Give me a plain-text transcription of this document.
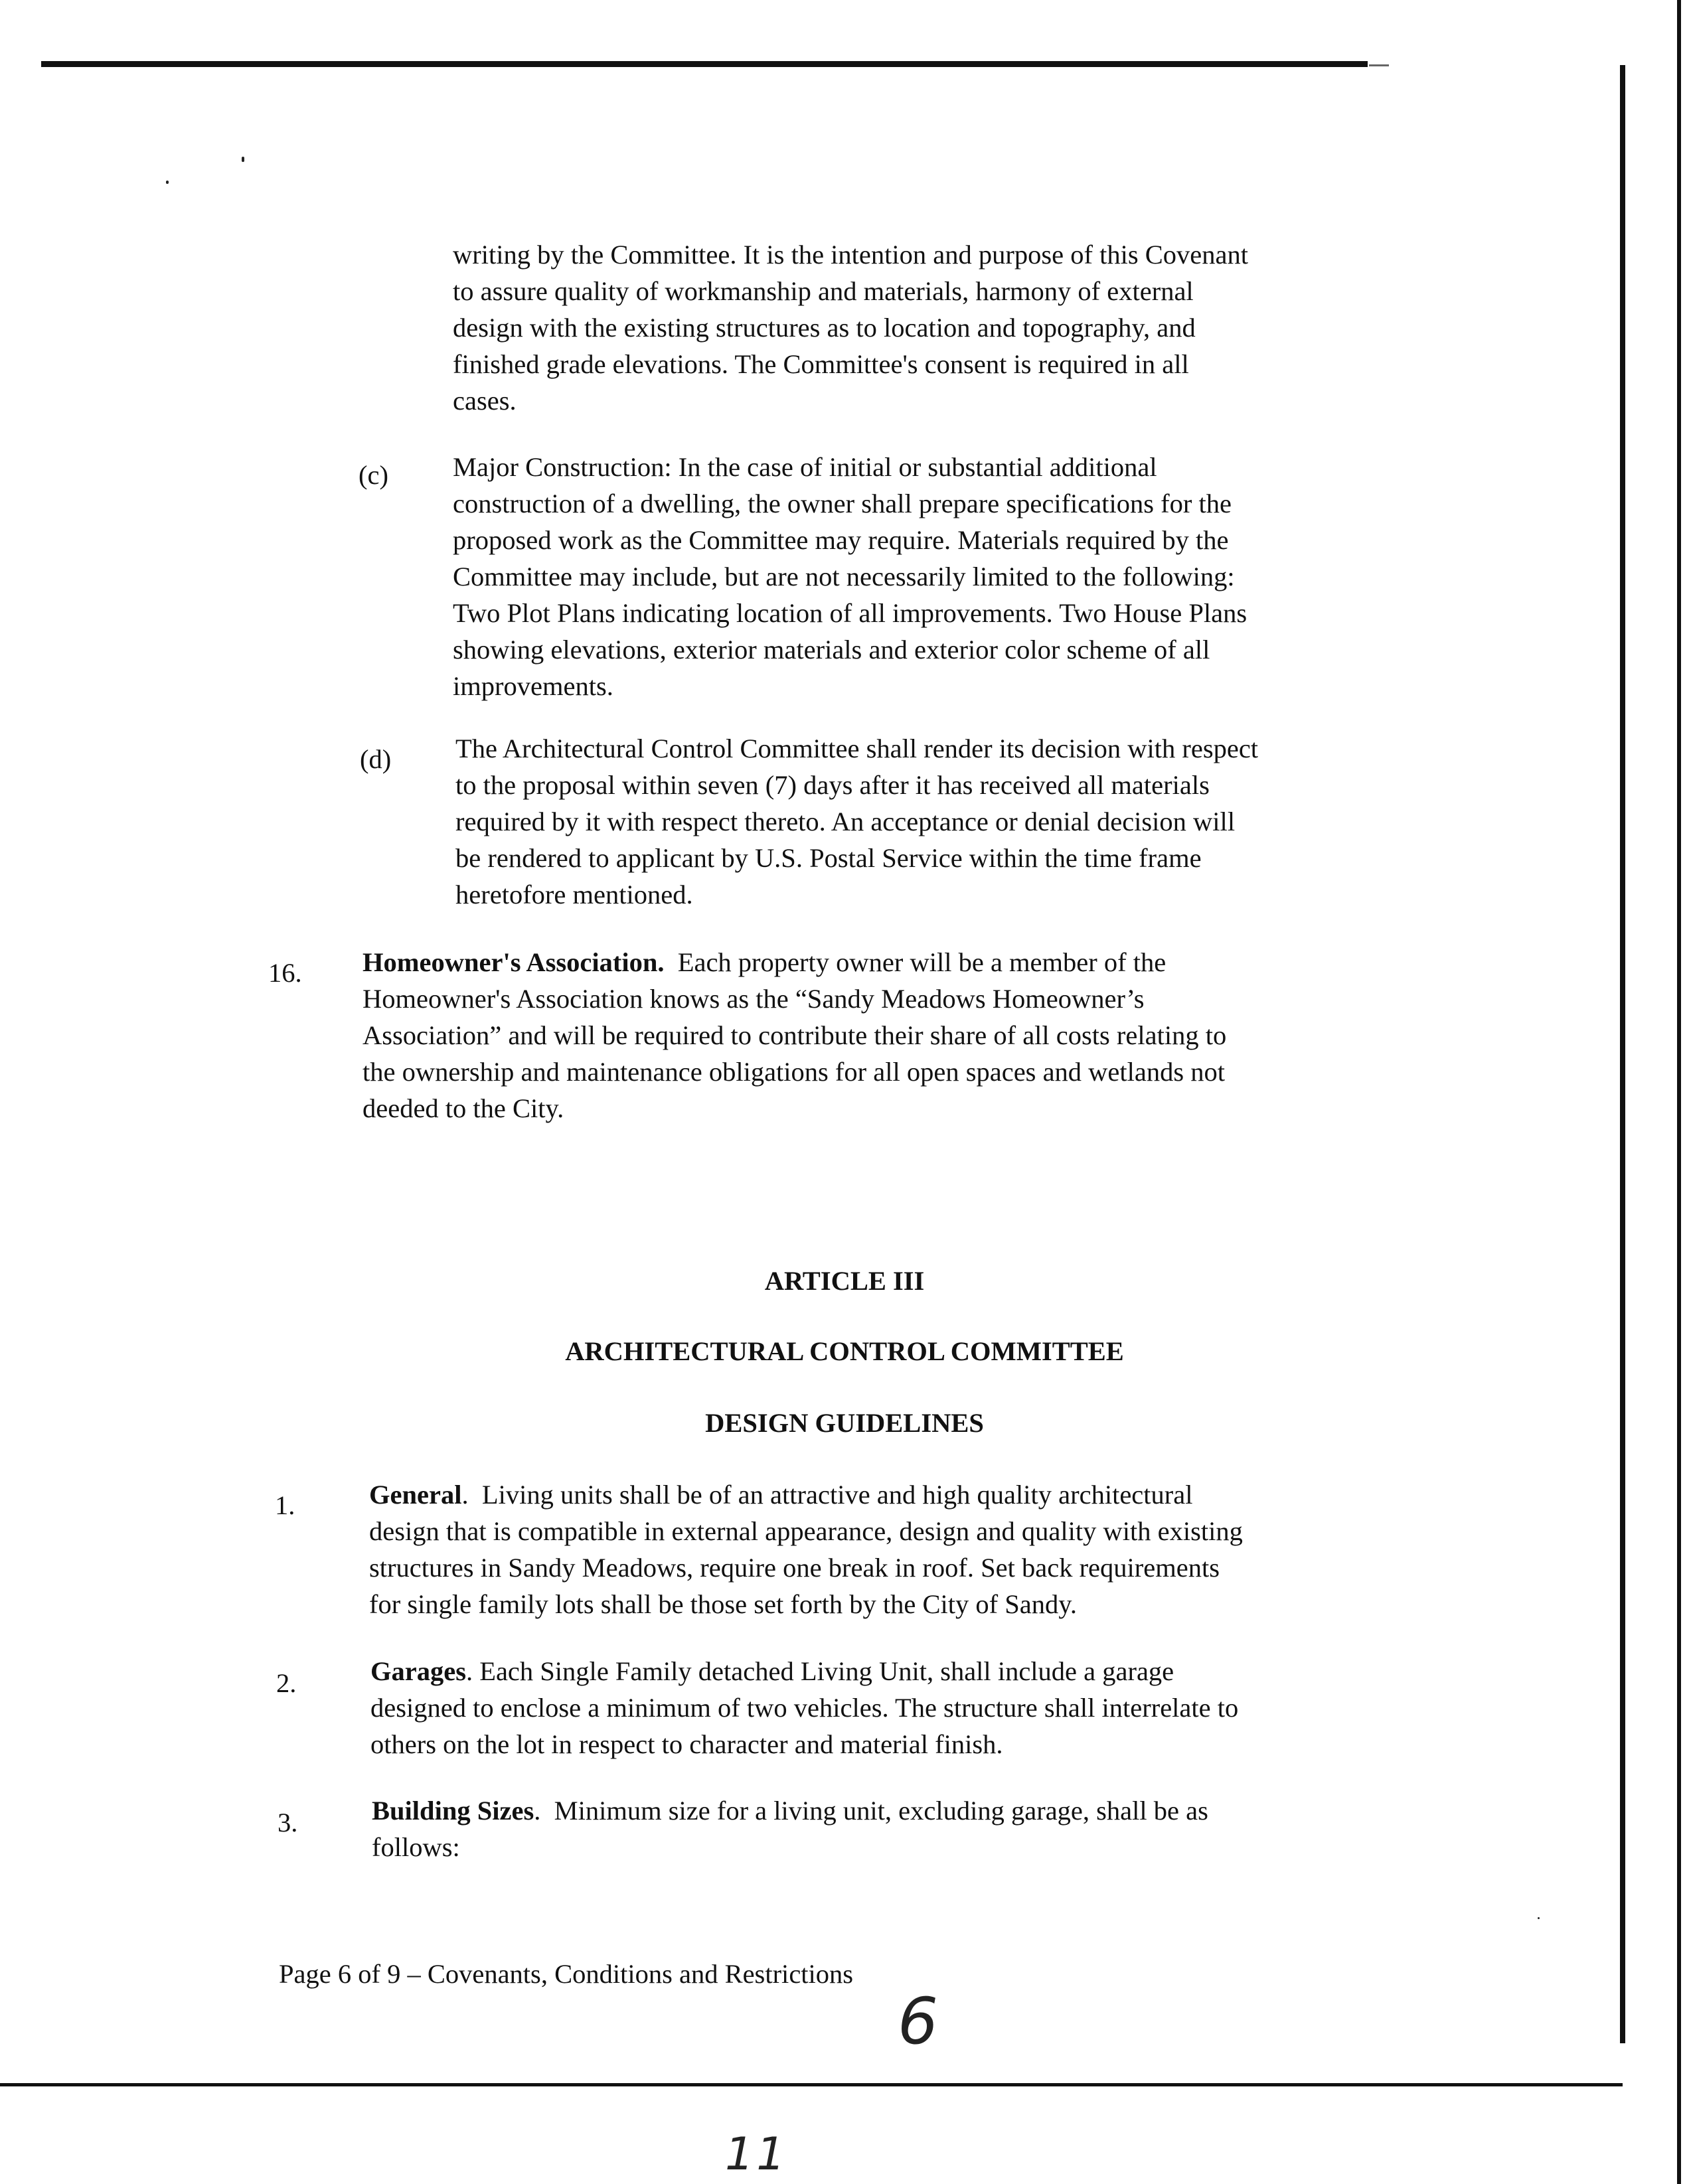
writing by the Committee. It is the intention and purpose of this Covenant

to assure quality of workmanship and materials, harmony of external

design with the existing structures as to location and topography, and

finished grade elevations. The Committee's consent is required in all

cases.

(c) Major Construction: In the case of initial or substantial additional

construction of a dwelling, the owner shall prepare specifications for the

proposed work as the Committee may require. Materials required by the

Committee may include, but are not necessarily limited to the following:

Two Plot Plans indicating location of all improvements. Two House Plans

showing elevations, exterior materials and exterior color scheme of all

improvements.

(d) The Architectural Control Committee shall render its decision with respect

to the proposal within seven (7) days after it has received all materials

required by it with respect thereto. An acceptance or denial decision will

be rendered to applicant by U.S. Postal Service within the time frame

heretofore mentioned.

16. Homeowner's Association.  Each property owner will be a member of the

Homeowner's Association knows as the “Sandy Meadows Homeowner’s

Association” and will be required to contribute their share of all costs relating to

the ownership and maintenance obligations for all open spaces and wetlands not

deeded to the City.

ARTICLE III
ARCHITECTURAL CONTROL COMMITTEE
DESIGN GUIDELINES
1.	General.  Living units shall be of an attractive and high quality architectural

design that is compatible in external appearance, design and quality with existing

structures in Sandy Meadows, require one break in roof. Set back requirements

for single family lots shall be those set forth by the City of Sandy.

2.	Garages. Each Single Family detached Living Unit, shall include a garage

designed to enclose a minimum of two vehicles. The structure shall interrelate to

others on the lot in respect to character and material finish.

3.	Building Sizes.  Minimum size for a living unit, excluding garage, shall be as

follows:

Page 6 of 9 – Covenants, Conditions and Restrictions
6
11
